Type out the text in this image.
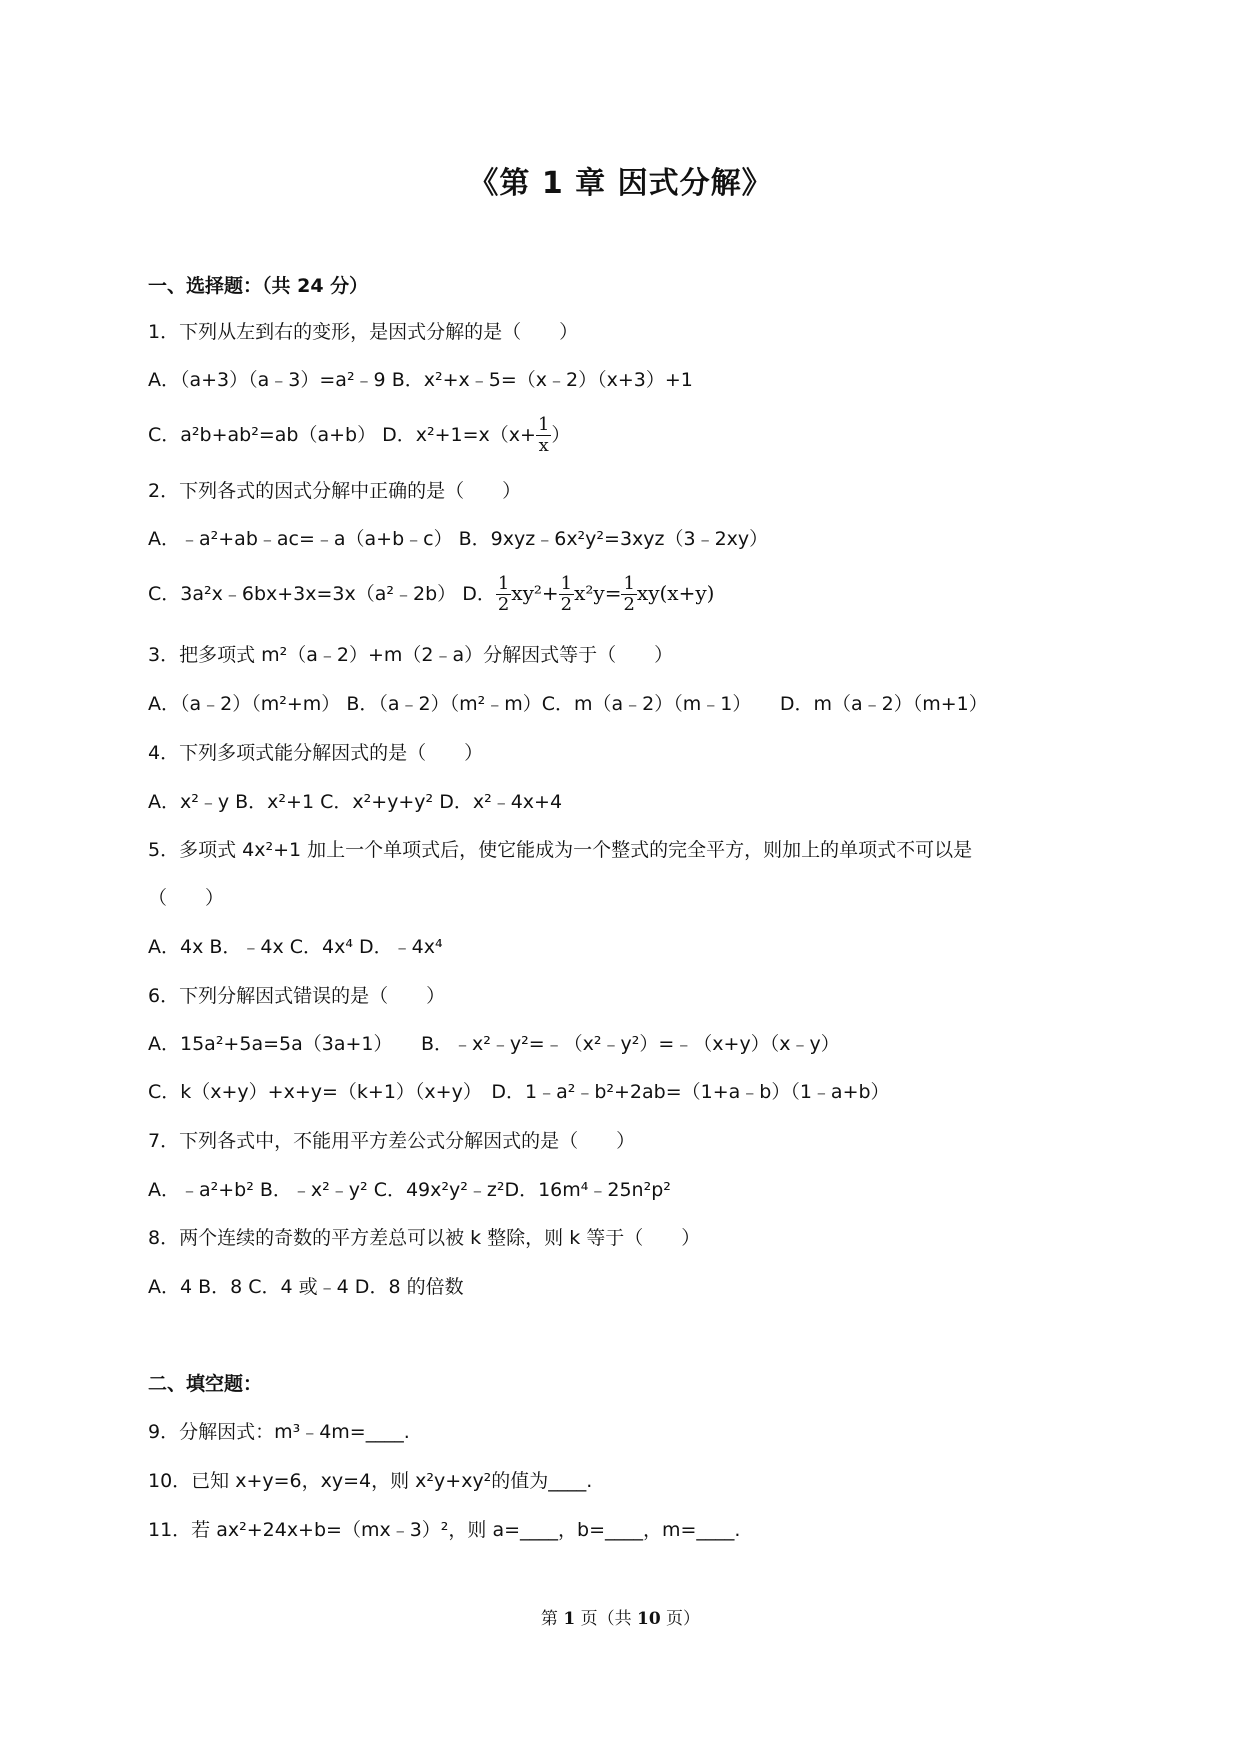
《第 1 章 因式分解》
一、选择题：（共 24 分）
1．下列从左到右的变形，是因式分解的是（　　）
A．（a+3）（a﹣3）=a²﹣9 B．x²+x﹣5=（x﹣2）（x+3）+1
C．a²b+ab²=ab（a+b） D．$x^2+1=x(x+ \frac{1}{x}$ ）
2．下列各式的因式分解中正确的是（　　）
A．﹣a²+ab﹣ac=﹣a（a+b﹣c） B．9xyz﹣6x²y²=3xyz（3﹣2xy）
C．3a²x﹣6bx+3x=3x（a²﹣2b） D． $\frac{1}{2} xy^2+ \frac{1}{2} x^2y= \frac{1}{2} xy(x+y)$
3．把多项式 m²（a﹣2）+m（2﹣a）分解因式等于（　　）
A．（a﹣2）（m²+m） B．（a﹣2）（m²﹣m）C．m（a﹣2）（m﹣1）　　D．m（a﹣2）（m+1）
4．下列多项式能分解因式的是（　　）
A．x²﹣y B．x²+1 C．x²+y+y² D．x²﹣4x+4
5．多项式 4x²+1 加上一个单项式后，使它能成为一个整式的完全平方，则加上的单项式不可以是
（　　）
A．4x B．﹣4x C．4x⁴ D．﹣4x⁴
6．下列分解因式错误的是（　　）
A．15a²+5a=5a（3a+1）　　B．﹣x²﹣y²=﹣（x²﹣y²）=﹣（x+y）（x﹣y）
C．k（x+y）+x+y=（k+1）（x+y）　D．1﹣a²﹣b²+2ab=（1+a﹣b）（1﹣a+b）
7．下列各式中，不能用平方差公式分解因式的是（　　）
A．﹣a²+b² B．﹣x²﹣y² C．49x²y²﹣z²D．16m⁴﹣25n²p²
8．两个连续的奇数的平方差总可以被 k 整除，则 k 等于（　　）
A．4 B．8 C．4 或﹣4 D．8 的倍数
二、填空题：
9．分解因式：m³﹣4m=____.
10．已知 x+y=6，xy=4，则 x²y+xy²的值为____.
11．若 ax²+24x+b=（mx﹣3）²，则 a=____，b=____，m=____.
第 1 页（共 10 页）
